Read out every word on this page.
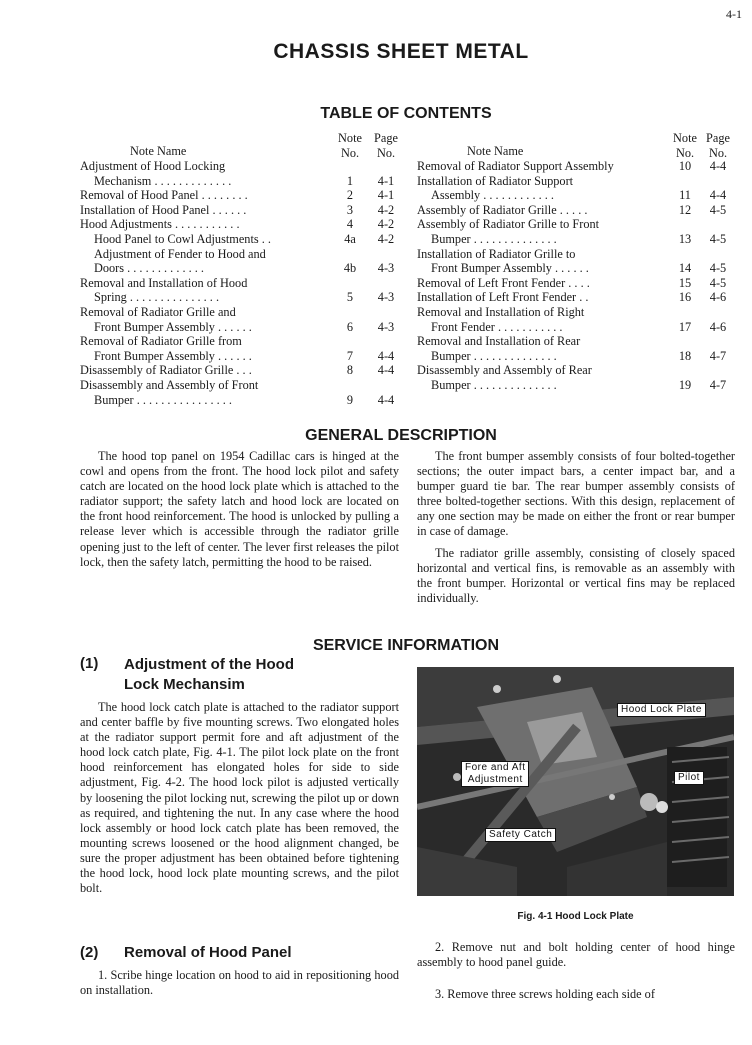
4-1
CHASSIS SHEET METAL
TABLE OF CONTENTS
Note Name
Note No.
Page No.
Adjustment of Hood Locking
Mechanism . . . . . . . . . . . . .	1	4-1
Removal of Hood Panel . . . . . . . .	2	4-1
Installation of Hood Panel . . . . . .	3	4-2
Hood Adjustments . . . . . . . . . . .	4	4-2
Hood Panel to Cowl Adjustments . .	4a	4-2
Adjustment of Fender to Hood and
Doors . . . . . . . . . . . . .	4b	4-3
Removal and Installation of Hood
Spring . . . . . . . . . . . . . . .	5	4-3
Removal of Radiator Grille and
Front Bumper Assembly . . . . . .	6	4-3
Removal of Radiator Grille from
Front Bumper Assembly . . . . . .	7	4-4
Disassembly of Radiator Grille . . .	8	4-4
Disassembly and Assembly of Front
Bumper . . . . . . . . . . . . . . . .	9	4-4
Note Name
Note No.
Page No.
Removal of Radiator Support Assembly	10	4-4
Installation of Radiator Support
Assembly . . . . . . . . . . . .	11	4-4
Assembly of Radiator Grille . . . . .	12	4-5
Assembly of Radiator Grille to Front
Bumper . . . . . . . . . . . . . .	13	4-5
Installation of Radiator Grille to
Front Bumper Assembly . . . . . .	14	4-5
Removal of Left Front Fender . . . .	15	4-5
Installation of Left Front Fender . .	16	4-6
Removal and Installation of Right
Front Fender . . . . . . . . . . .	17	4-6
Removal and Installation of Rear
Bumper . . . . . . . . . . . . . .	18	4-7
Disassembly and Assembly of Rear
Bumper . . . . . . . . . . . . . .	19	4-7
GENERAL DESCRIPTION

The hood top panel on 1954 Cadillac cars is hinged at the cowl and opens from the front. The hood lock pilot and safety catch are located on the hood lock plate which is attached to the radiator support; the safety latch and hood lock are located on the front hood reinforcement. The hood is unlocked by pulling a release lever which is accessible through the radiator grille opening just to the left of center. The lever first releases the pilot lock, then the safety latch, permitting the hood to be raised.

The front bumper assembly consists of four bolted-together sections; the outer impact bars, a center impact bar, and a bumper guard tie bar. The rear bumper assembly consists of three bolted-together sections. With this design, replacement of any one section may be made on either the front or rear bumper in case of damage.

The radiator grille assembly, consisting of closely spaced horizontal and vertical fins, is removable as an assembly with the front bumper. Horizontal or vertical fins may be replaced individually.

SERVICE INFORMATION
(1) Adjustment of the Hood
Lock Mechansim

The hood lock catch plate is attached to the radiator support and center baffle by five mounting screws. Two elongated holes at the radiator support permit fore and aft adjustment of the hood lock catch plate, Fig. 4-1. The pilot lock plate on the front hood reinforcement has elongated holes for side to side adjustment, Fig. 4-2. The hood lock pilot is adjusted vertically by loosening the pilot locking nut, screwing the pilot up or down as required, and tightening the nut. In any case where the hood lock assembly or hood lock catch plate has been removed, the mounting screws loosened or the hood alignment changed, be sure the proper adjustment has been obtained before tightening the hood lock, hood lock plate mounting screws, and the pilot bolt.

(2) Removal of Hood Panel

1. Scribe hinge location on hood to aid in repositioning hood on installation.

2. Remove nut and bolt holding center of hood hinge assembly to hood panel guide.

3. Remove three screws holding each side of

Hood Lock Plate
Fore and Aft
Adjustment	Pilot
Safety Catch
Fig. 4-1 Hood Lock Plate
